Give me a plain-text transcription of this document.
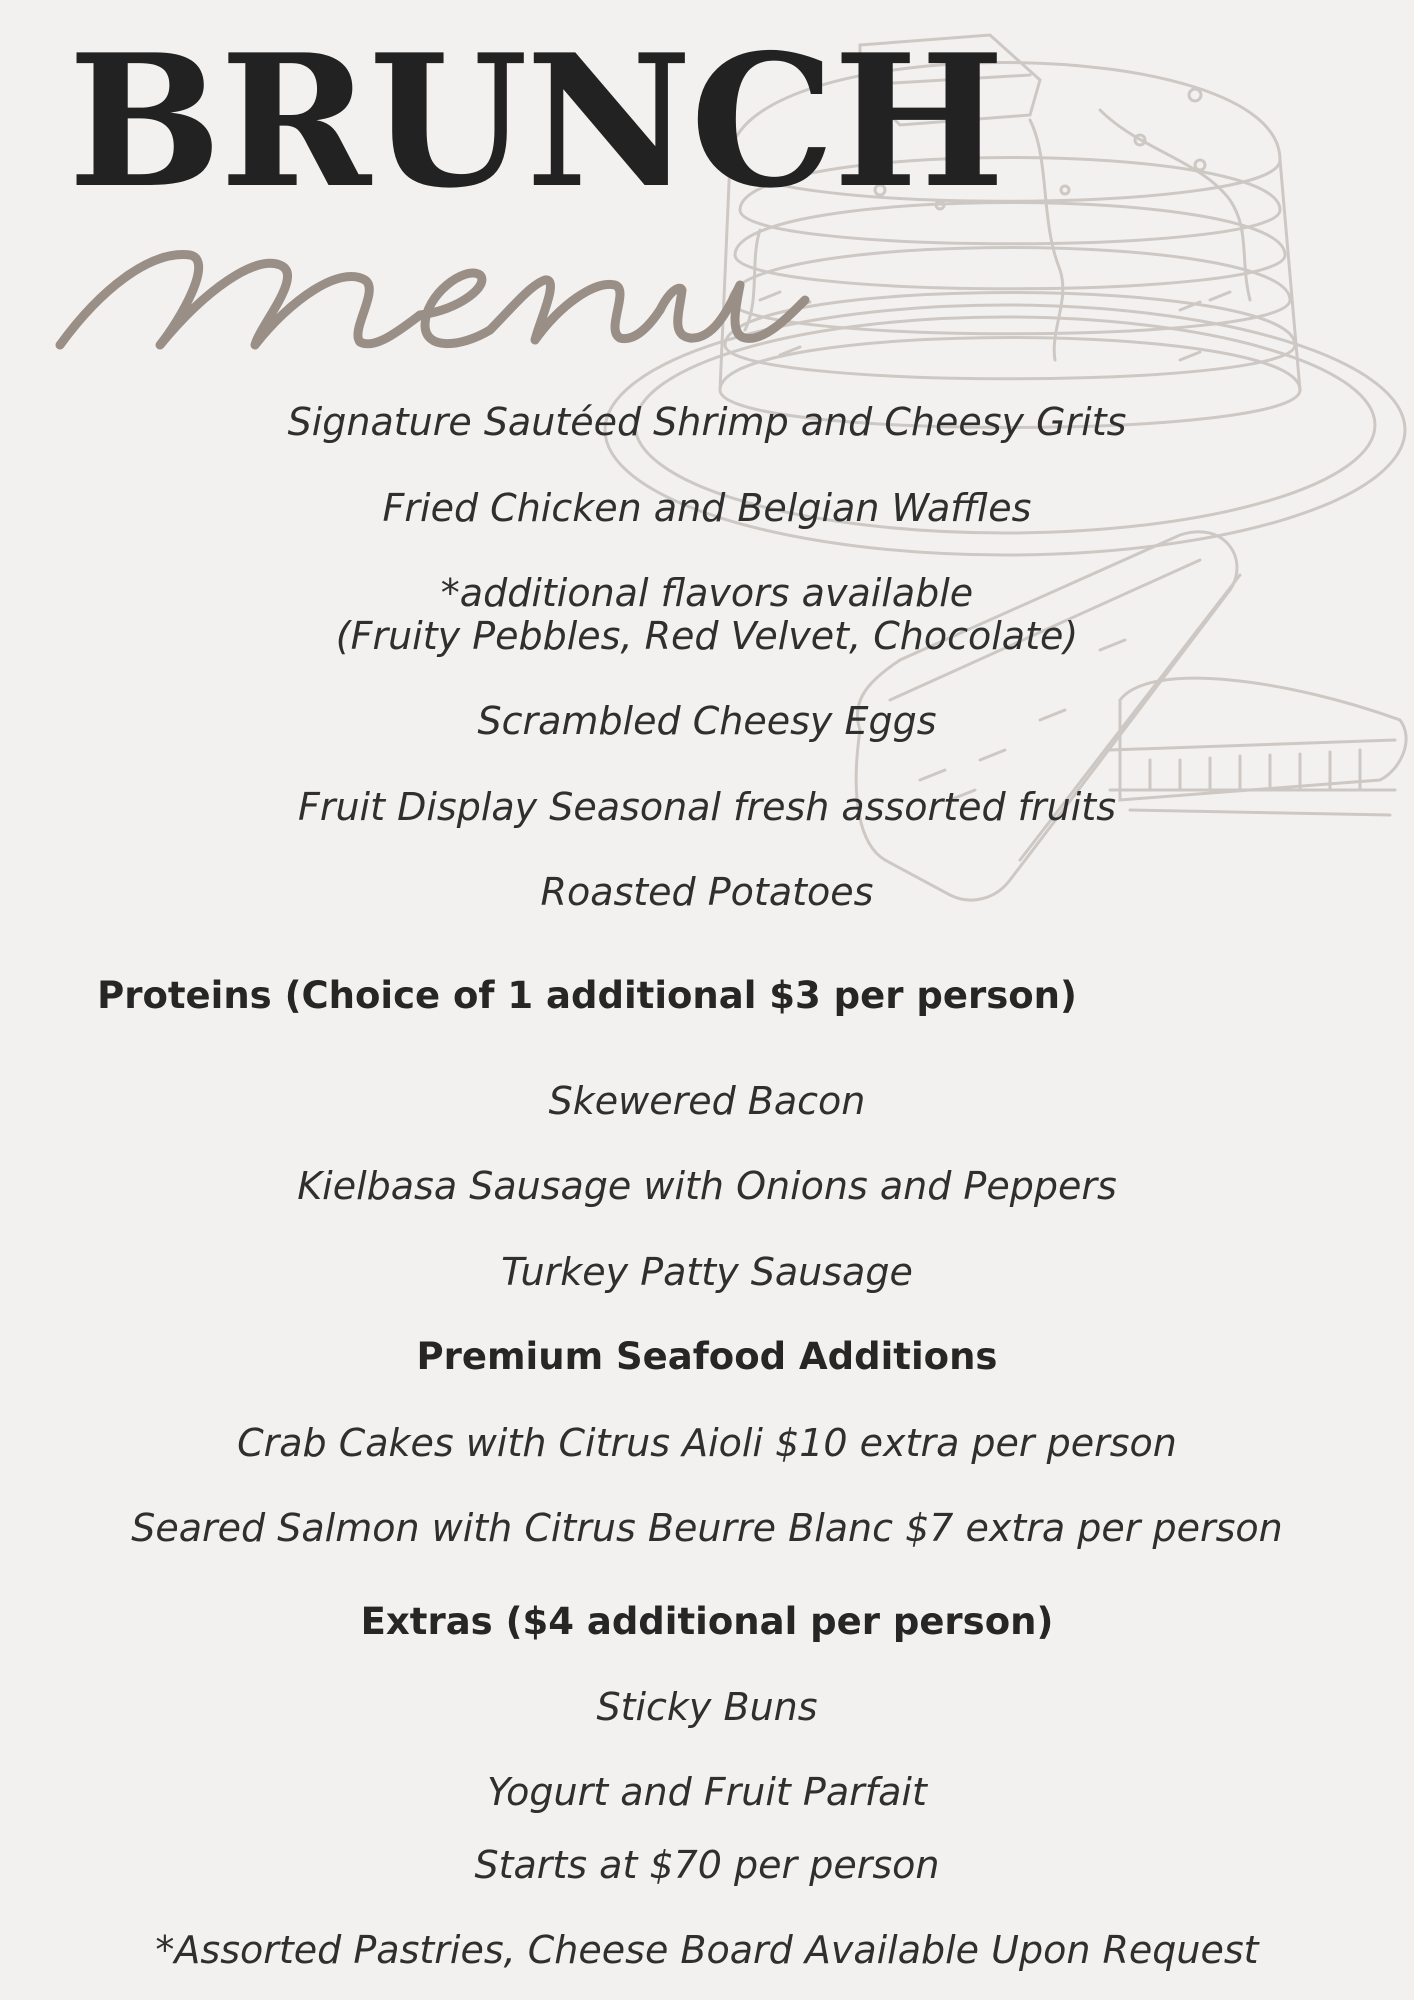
BRUNCH
Signature Sautéed Shrimp and Cheesy Grits
Fried Chicken and Belgian Waffles
*additional flavors available
(Fruity Pebbles, Red Velvet, Chocolate)
Scrambled Cheesy Eggs
Fruit Display Seasonal fresh assorted fruits
Roasted Potatoes
Proteins (Choice of 1 additional $3 per person)
Skewered Bacon
Kielbasa Sausage with Onions and Peppers
Turkey Patty Sausage
Premium Seafood Additions
Crab Cakes with Citrus Aioli $10 extra per person
Seared Salmon with Citrus Beurre Blanc $7 extra per person
Extras ($4 additional per person)
Sticky Buns
Yogurt and Fruit Parfait
Starts at $70 per person
*Assorted Pastries, Cheese Board Available Upon Request
